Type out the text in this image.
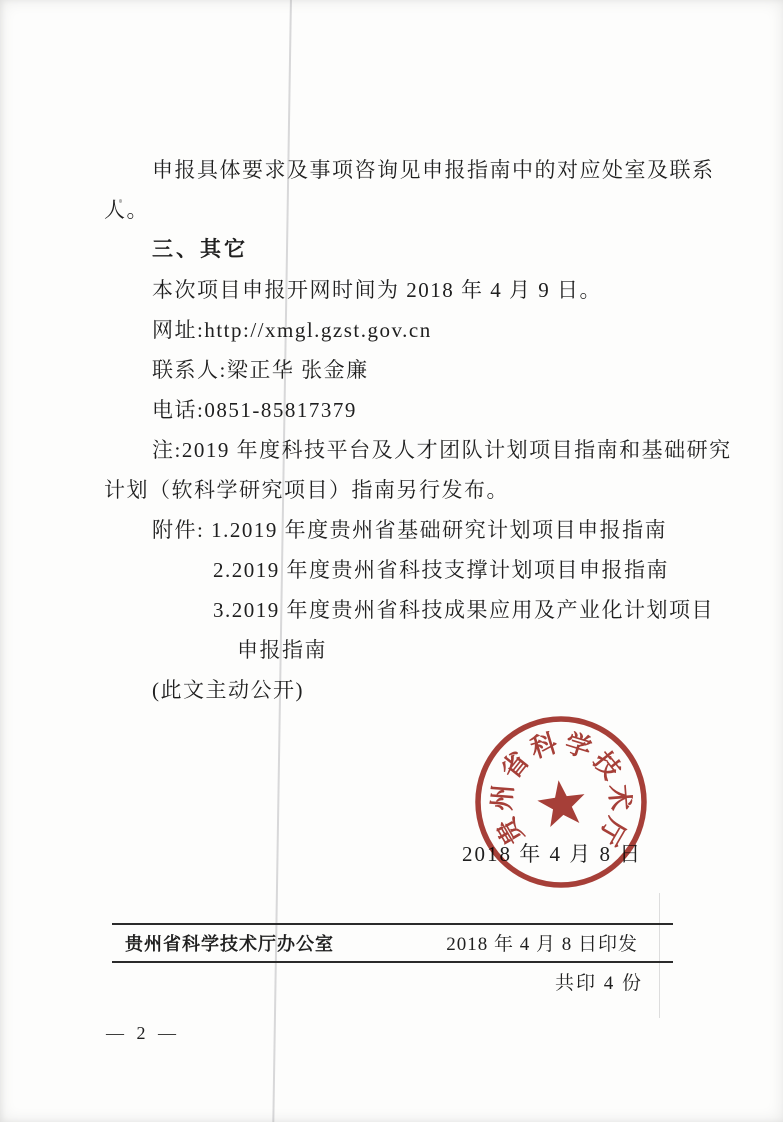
申报具体要求及事项咨询见申报指南中的对应处室及联系
人。
三、其它
本次项目申报开网时间为 2018 年 4 月 9 日。
网址:http://xmgl.gzst.gov.cn
联系人:梁正华 张金廉
电话:0851-85817379
注:2019 年度科技平台及人才团队计划项目指南和基础研究
计划（软科学研究项目）指南另行发布。
附件: 1.2019 年度贵州省基础研究计划项目申报指南
2.2019 年度贵州省科技支撑计划项目申报指南
3.2019 年度贵州省科技成果应用及产业化计划项目
申报指南
(此文主动公开)
2018 年 4 月 8 日
贵
州
省
科 学
技
术
厅
贵州省科学技术厅办公室	2018 年 4 月 8 日印发
共印 4 份
— 2 —
